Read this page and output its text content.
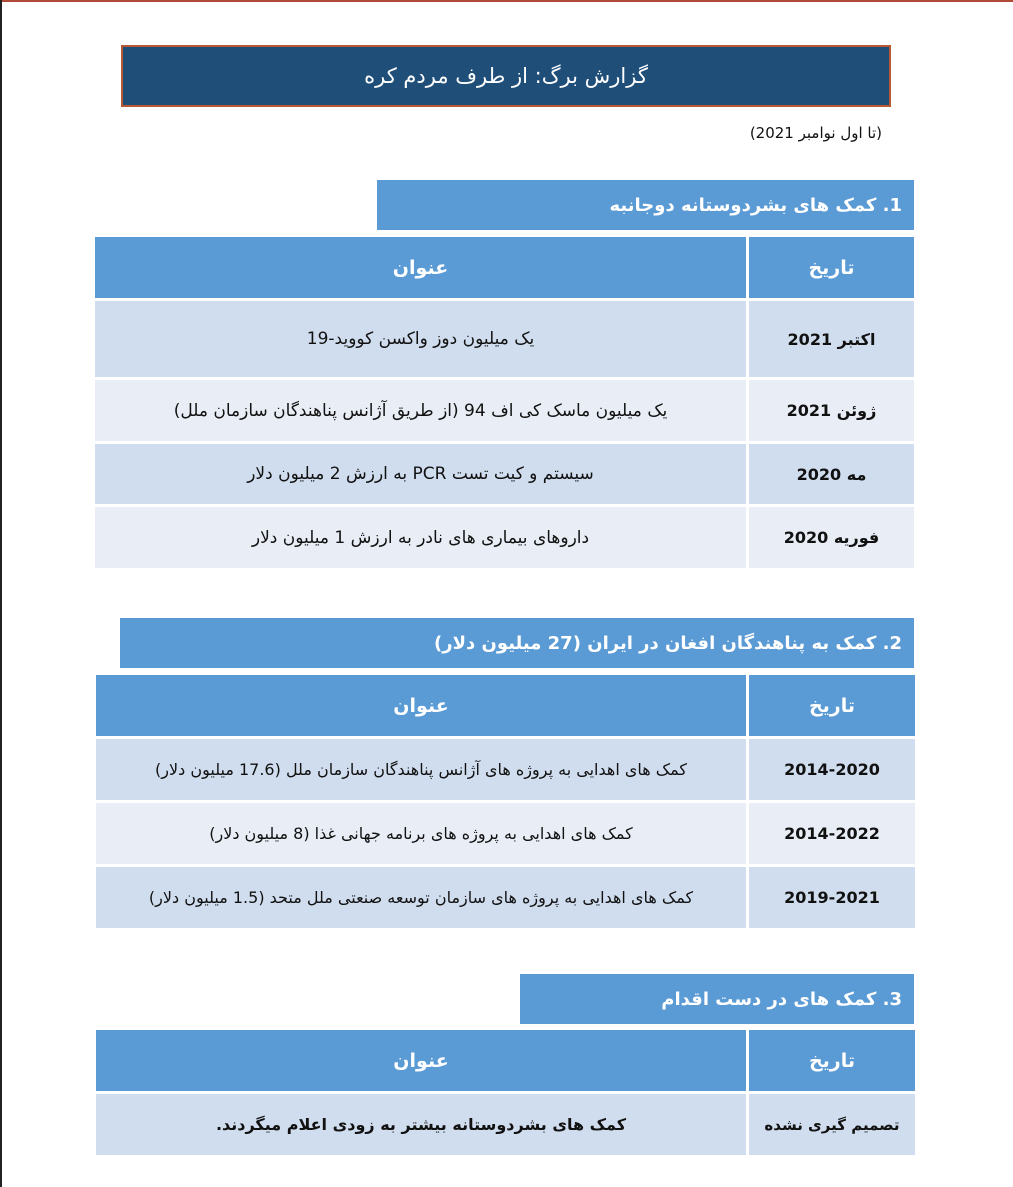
گزارش برگ: از طرف مردم کره
(تا اول نوامبر 2021)
1. کمک های بشردوستانه دوجانبه
تاریخ	عنوان
اکتبر 2021	یک میلیون دوز واکسن کووید-19
ژوئن 2021	یک میلیون ماسک کی اف 94 (از طریق آژانس پناهندگان سازمان ملل)
مه 2020	سیستم و کیت تست PCR به ارزش 2 میلیون دلار
فوریه 2020	داروهای بیماری های نادر به ارزش 1 میلیون دلار
2. کمک به پناهندگان افغان در ایران (27 میلیون دلار)
تاریخ	عنوان
2014-2020	کمک های اهدایی به پروژه های آژانس پناهندگان سازمان ملل (17.6 میلیون دلار)
2014-2022	کمک های اهدایی به پروژه های برنامه جهانی غذا (8 میلیون دلار)
2019-2021	کمک های اهدایی به پروژه های سازمان توسعه صنعتی ملل متحد (1.5 میلیون دلار)
3. کمک های در دست اقدام
تاریخ	عنوان
تصمیم گیری نشده	کمک های بشردوستانه بیشتر به زودی اعلام میگردند.
